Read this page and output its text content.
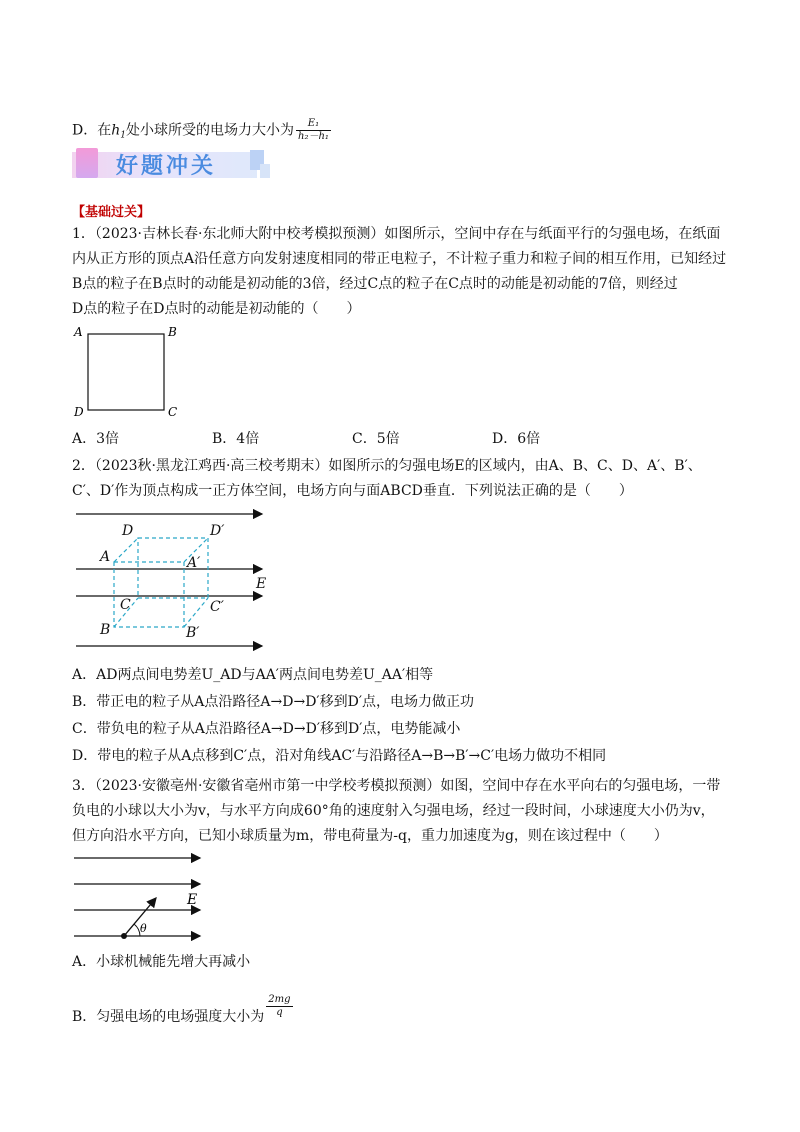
D．在$h_1$处小球所受的电场力大小为 $\frac{\text{E₁}}{\text{h₂－h₁}}$
好题冲关
【基础过关】
1．（2023·吉林长春·东北师大附中校考模拟预测）如图所示，空间中存在与纸面平行的匀强电场，在纸面
内从正方形的顶点A沿任意方向发射速度相同的带正电粒子，不计粒子重力和粒子间的相互作用，已知经过
B点的粒子在B点时的动能是初动能的3倍，经过C点的粒子在C点时的动能是初动能的7倍，则经过
D点的粒子在D点时的动能是初动能的（　　）
A	B
C
D
A．3倍	B．4倍	C．5倍	D．6倍
2．（2023秋·黑龙江鸡西·高三校考期末）如图所示的匀强电场E的区域内，由A、B、C、D、A′、B′、
C′、D′作为顶点构成一正方体空间，电场方向与面ABCD垂直．下列说法正确的是（　　）
D	D′
A	A′
E
C	C′
B	B′
A．AD两点间电势差U_AD与AA′两点间电势差U_AA′相等
B．带正电的粒子从A点沿路径A→D→D′移到D′点，电场力做正功
C．带负电的粒子从A点沿路径A→D→D′移到D′点，电势能减小
D．带电的粒子从A点移到C′点，沿对角线AC′与沿路径A→B→B′→C′电场力做功不相同
3．（2023·安徽亳州·安徽省亳州市第一中学校考模拟预测）如图，空间中存在水平向右的匀强电场，一带
负电的小球以大小为v，与水平方向成60°角的速度射入匀强电场，经过一段时间，小球速度大小仍为v，
但方向沿水平方向，已知小球质量为m，带电荷量为-q，重力加速度为g，则在该过程中（　　）
E
θ
A．小球机械能先增大再减小
B．匀强电场的电场强度大小为 $\frac{2mg}{q}$
